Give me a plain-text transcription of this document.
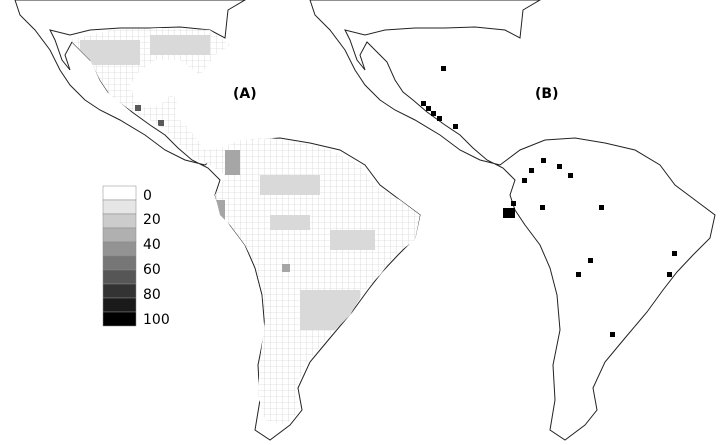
(A)	(B)
0
20
40
60
80
100
